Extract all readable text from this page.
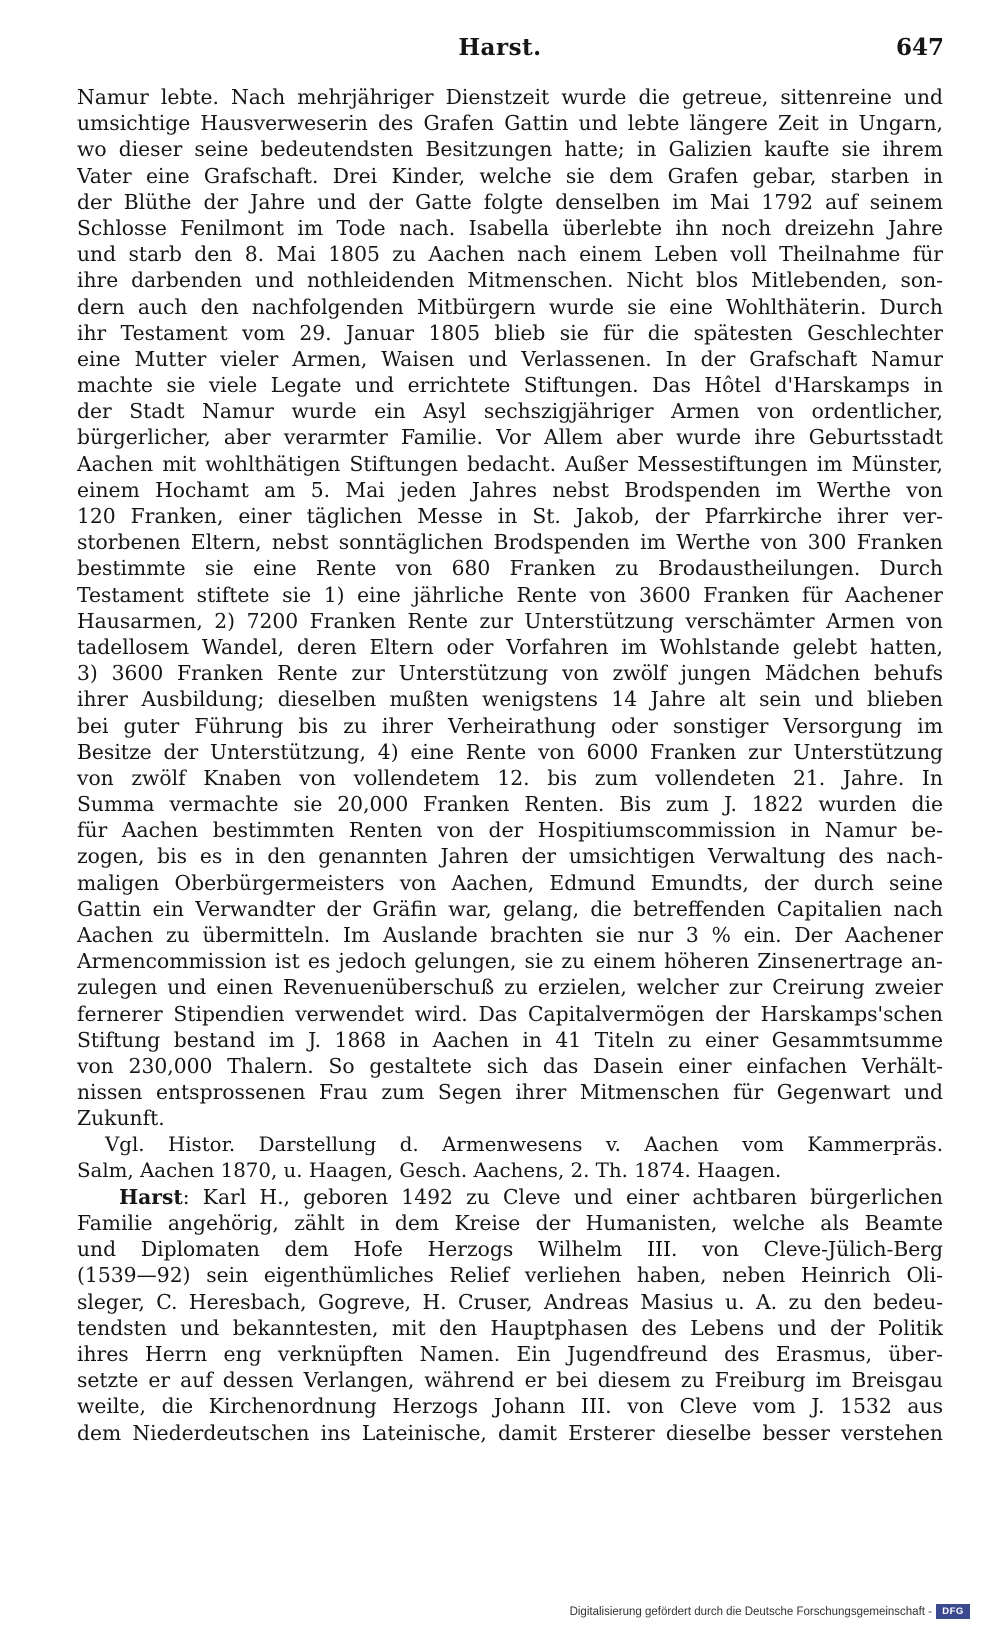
Harst.	647
Namur lebte. Nach mehrjähriger Dienstzeit wurde die getreue, sittenreine und
umsichtige Hausverweserin des Grafen Gattin und lebte längere Zeit in Ungarn,
wo dieser seine bedeutendsten Besitzungen hatte; in Galizien kaufte sie ihrem
Vater eine Grafschaft. Drei Kinder, welche sie dem Grafen gebar, starben in
der Blüthe der Jahre und der Gatte folgte denselben im Mai 1792 auf seinem
Schlosse Fenilmont im Tode nach. Isabella überlebte ihn noch dreizehn Jahre
und starb den 8. Mai 1805 zu Aachen nach einem Leben voll Theilnahme für
ihre darbenden und nothleidenden Mitmenschen. Nicht blos Mitlebenden, son-
dern auch den nachfolgenden Mitbürgern wurde sie eine Wohlthäterin. Durch
ihr Testament vom 29. Januar 1805 blieb sie für die spätesten Geschlechter
eine Mutter vieler Armen, Waisen und Verlassenen. In der Grafschaft Namur
machte sie viele Legate und errichtete Stiftungen. Das Hôtel d'Harskamps in
der Stadt Namur wurde ein Asyl sechszigjähriger Armen von ordentlicher,
bürgerlicher, aber verarmter Familie. Vor Allem aber wurde ihre Geburtsstadt
Aachen mit wohlthätigen Stiftungen bedacht. Außer Messestiftungen im Münster,
einem Hochamt am 5. Mai jeden Jahres nebst Brodspenden im Werthe von
120 Franken, einer täglichen Messe in St. Jakob, der Pfarrkirche ihrer ver-
storbenen Eltern, nebst sonntäglichen Brodspenden im Werthe von 300 Franken
bestimmte sie eine Rente von 680 Franken zu Brodaustheilungen. Durch
Testament stiftete sie 1) eine jährliche Rente von 3600 Franken für Aachener
Hausarmen, 2) 7200 Franken Rente zur Unterstützung verschämter Armen von
tadellosem Wandel, deren Eltern oder Vorfahren im Wohlstande gelebt hatten,
3) 3600 Franken Rente zur Unterstützung von zwölf jungen Mädchen behufs
ihrer Ausbildung; dieselben mußten wenigstens 14 Jahre alt sein und blieben
bei guter Führung bis zu ihrer Verheirathung oder sonstiger Versorgung im
Besitze der Unterstützung, 4) eine Rente von 6000 Franken zur Unterstützung
von zwölf Knaben von vollendetem 12. bis zum vollendeten 21. Jahre. In
Summa vermachte sie 20,000 Franken Renten. Bis zum J. 1822 wurden die
für Aachen bestimmten Renten von der Hospitiumscommission in Namur be-
zogen, bis es in den genannten Jahren der umsichtigen Verwaltung des nach-
maligen Oberbürgermeisters von Aachen, Edmund Emundts, der durch seine
Gattin ein Verwandter der Gräfin war, gelang, die betreffenden Capitalien nach
Aachen zu übermitteln. Im Auslande brachten sie nur 3 % ein. Der Aachener
Armencommission ist es jedoch gelungen, sie zu einem höheren Zinsenertrage an-
zulegen und einen Revenuenüberschuß zu erzielen, welcher zur Creirung zweier
fernerer Stipendien verwendet wird. Das Capitalvermögen der Harskamps'schen
Stiftung bestand im J. 1868 in Aachen in 41 Titeln zu einer Gesammtsumme
von 230,000 Thalern. So gestaltete sich das Dasein einer einfachen Verhält-
nissen entsprossenen Frau zum Segen ihrer Mitmenschen für Gegenwart und
Zukunft.
Vgl. Histor. Darstellung d. Armenwesens v. Aachen vom Kammerpräs.
Salm, Aachen 1870, u. Haagen, Gesch. Aachens, 2. Th. 1874. Haagen.
Harst: Karl H., geboren 1492 zu Cleve und einer achtbaren bürgerlichen
Familie angehörig, zählt in dem Kreise der Humanisten, welche als Beamte
und Diplomaten dem Hofe Herzogs Wilhelm III. von Cleve-Jülich-Berg
(1539—92) sein eigenthümliches Relief verliehen haben, neben Heinrich Oli-
sleger, C. Heresbach, Gogreve, H. Cruser, Andreas Masius u. A. zu den bedeu-
tendsten und bekanntesten, mit den Hauptphasen des Lebens und der Politik
ihres Herrn eng verknüpften Namen. Ein Jugendfreund des Erasmus, über-
setzte er auf dessen Verlangen, während er bei diesem zu Freiburg im Breisgau
weilte, die Kirchenordnung Herzogs Johann III. von Cleve vom J. 1532 aus
dem Niederdeutschen ins Lateinische, damit Ersterer dieselbe besser verstehen
Digitalisierung gefördert durch die Deutsche Forschungsgemeinschaft -	DFG
